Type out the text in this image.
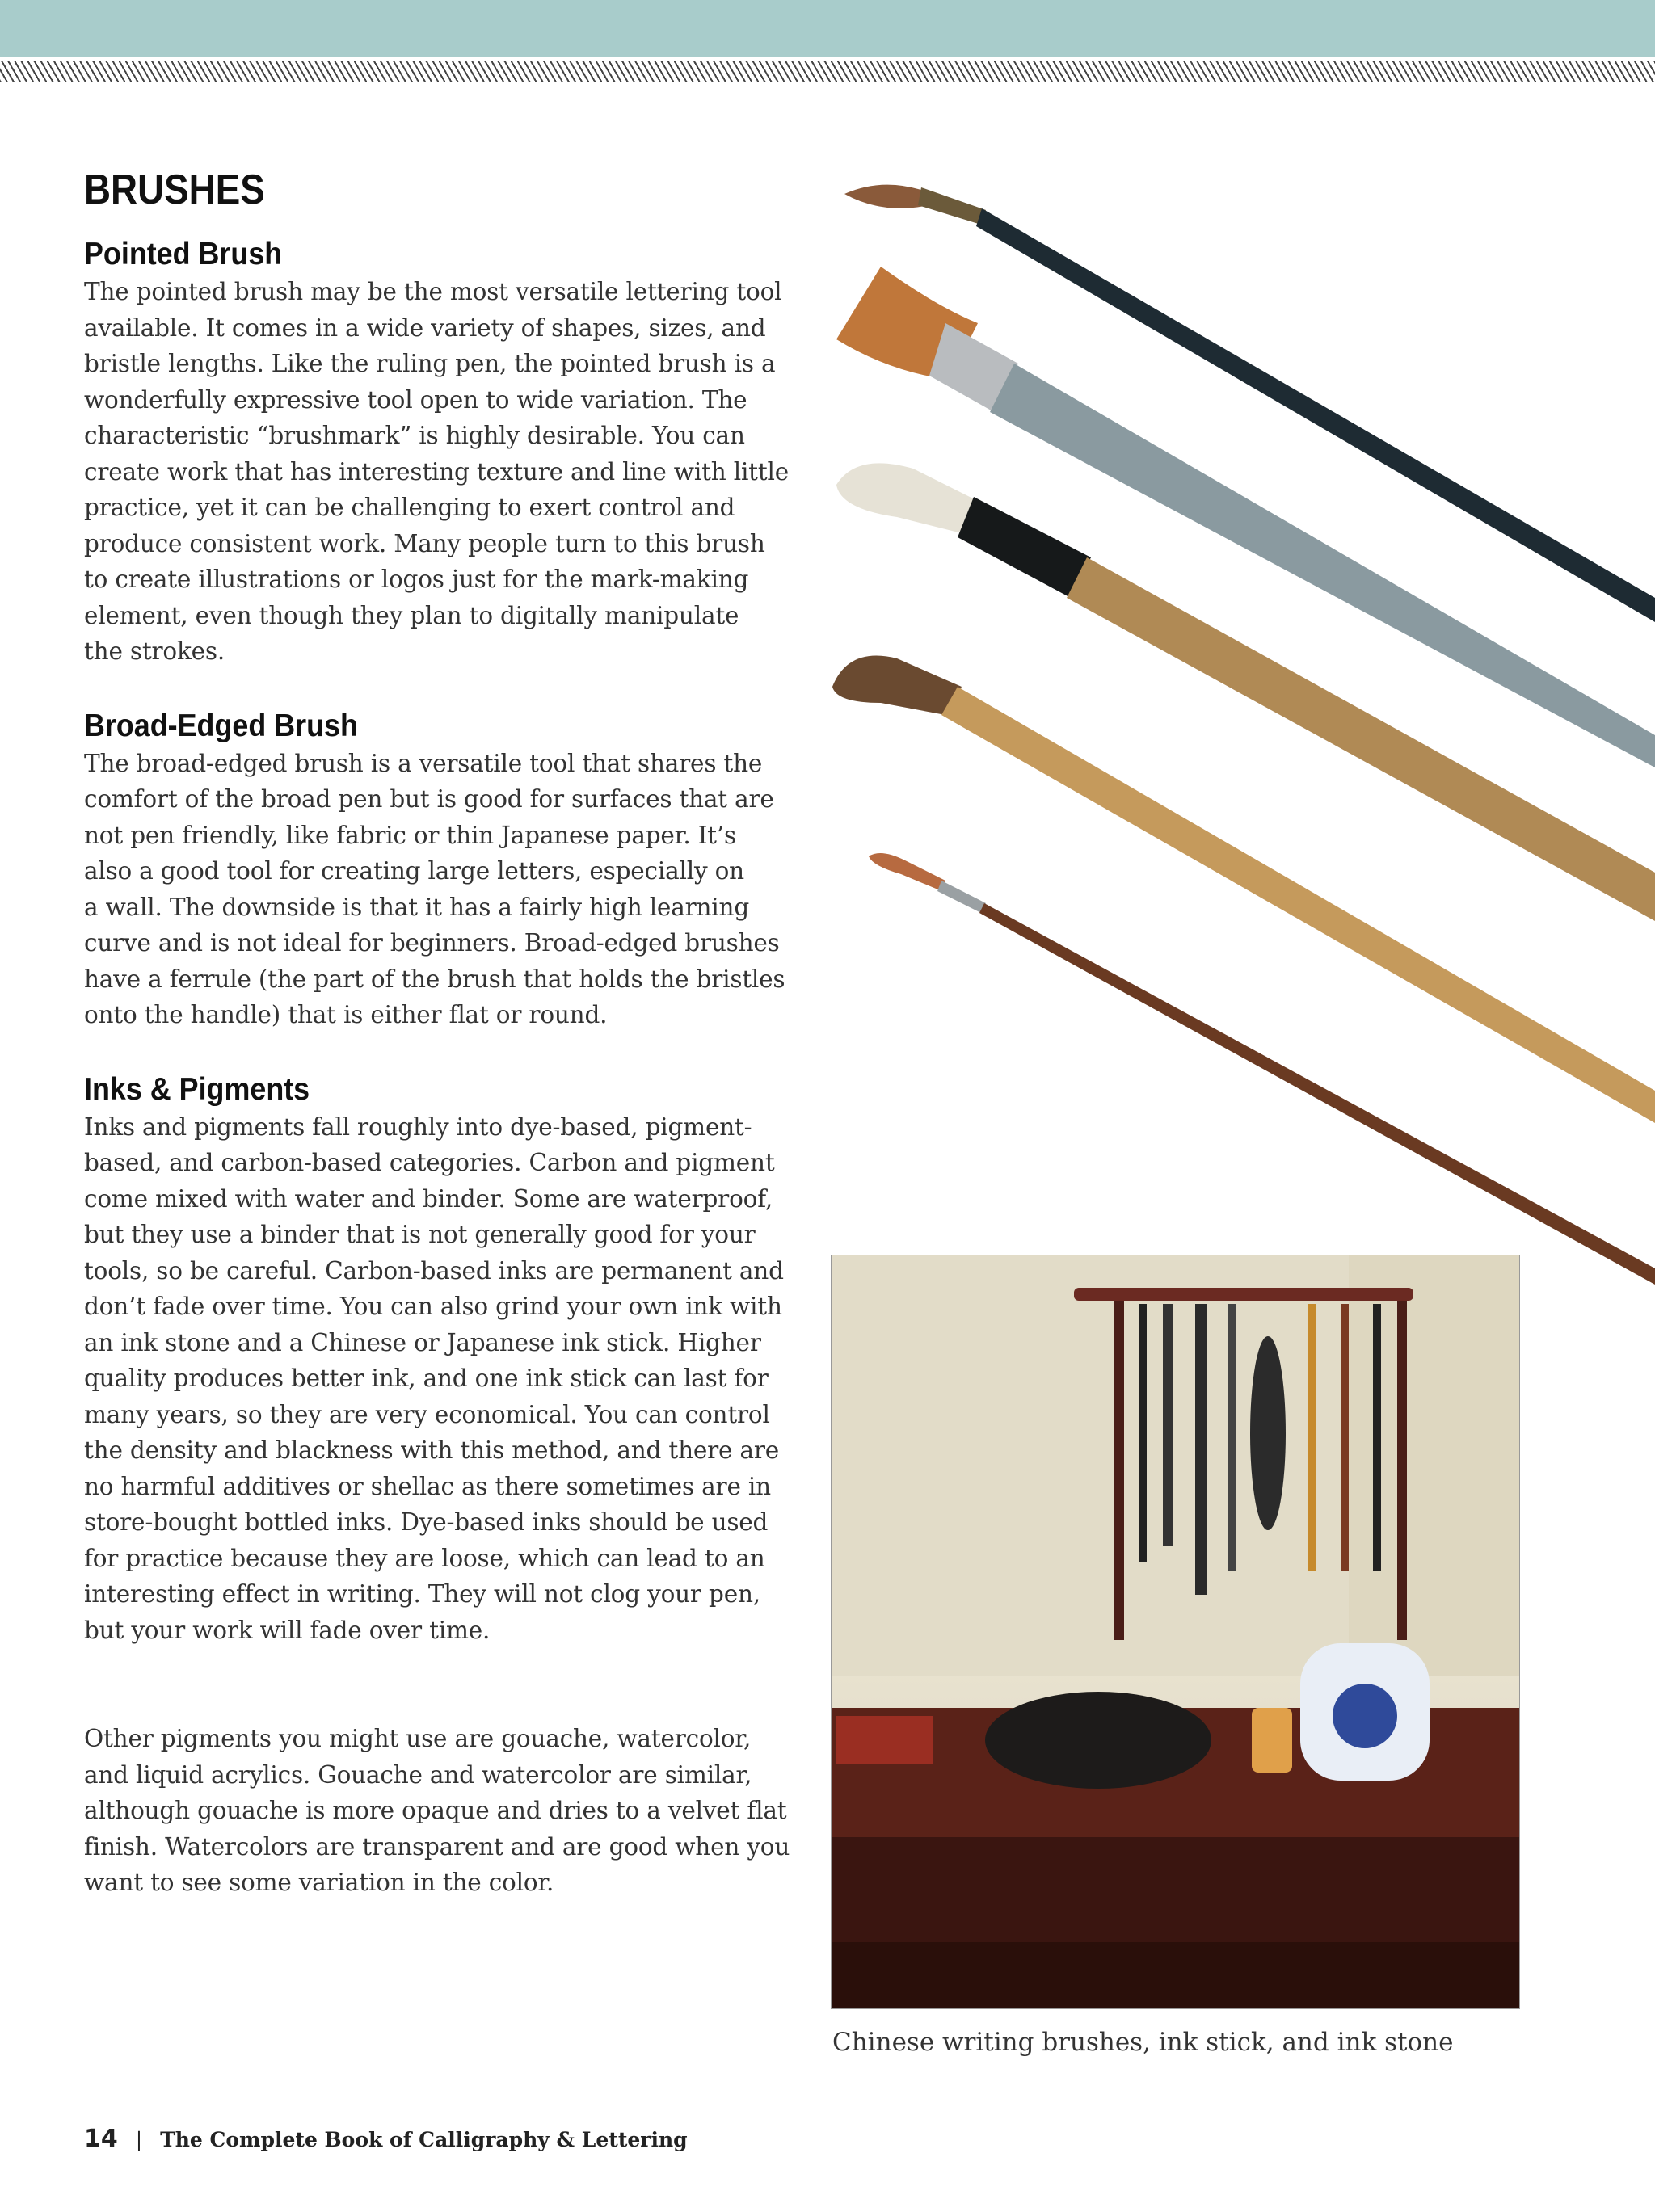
BRUSHES
Pointed Brush

The pointed brush may be the most versatile lettering tool

available. It comes in a wide variety of shapes, sizes, and

bristle lengths. Like the ruling pen, the pointed brush is a

wonderfully expressive tool open to wide variation. The

characteristic “brushmark” is highly desirable. You can

create work that has interesting texture and line with little

practice, yet it can be challenging to exert control and

produce consistent work. Many people turn to this brush

to create illustrations or logos just for the mark-making

element, even though they plan to digitally manipulate

the strokes.

Broad-Edged Brush

The broad-edged brush is a versatile tool that shares the

comfort of the broad pen but is good for surfaces that are

not pen friendly, like fabric or thin Japanese paper. It’s

also a good tool for creating large letters, especially on

a wall. The downside is that it has a fairly high learning

curve and is not ideal for beginners. Broad-edged brushes

have a ferrule (the part of the brush that holds the bristles

onto the handle) that is either flat or round.

Inks & Pigments

Inks and pigments fall roughly into dye-based, pigment-

based, and carbon-based categories. Carbon and pigment

come mixed with water and binder. Some are waterproof,

but they use a binder that is not generally good for your

tools, so be careful. Carbon-based inks are permanent and

don’t fade over time. You can also grind your own ink with

an ink stone and a Chinese or Japanese ink stick. Higher

quality produces better ink, and one ink stick can last for

many years, so they are very economical. You can control

the density and blackness with this method, and there are

no harmful additives or shellac as there sometimes are in

store-bought bottled inks. Dye-based inks should be used

for practice because they are loose, which can lead to an

interesting effect in writing. They will not clog your pen,

but your work will fade over time.

Other pigments you might use are gouache, watercolor,

and liquid acrylics. Gouache and watercolor are similar,

although gouache is more opaque and dries to a velvet flat

finish. Watercolors are transparent and are good when you

want to see some variation in the color.

Chinese writing brushes, ink stick, and ink stone
14 | The Complete Book of Calligraphy & Lettering
